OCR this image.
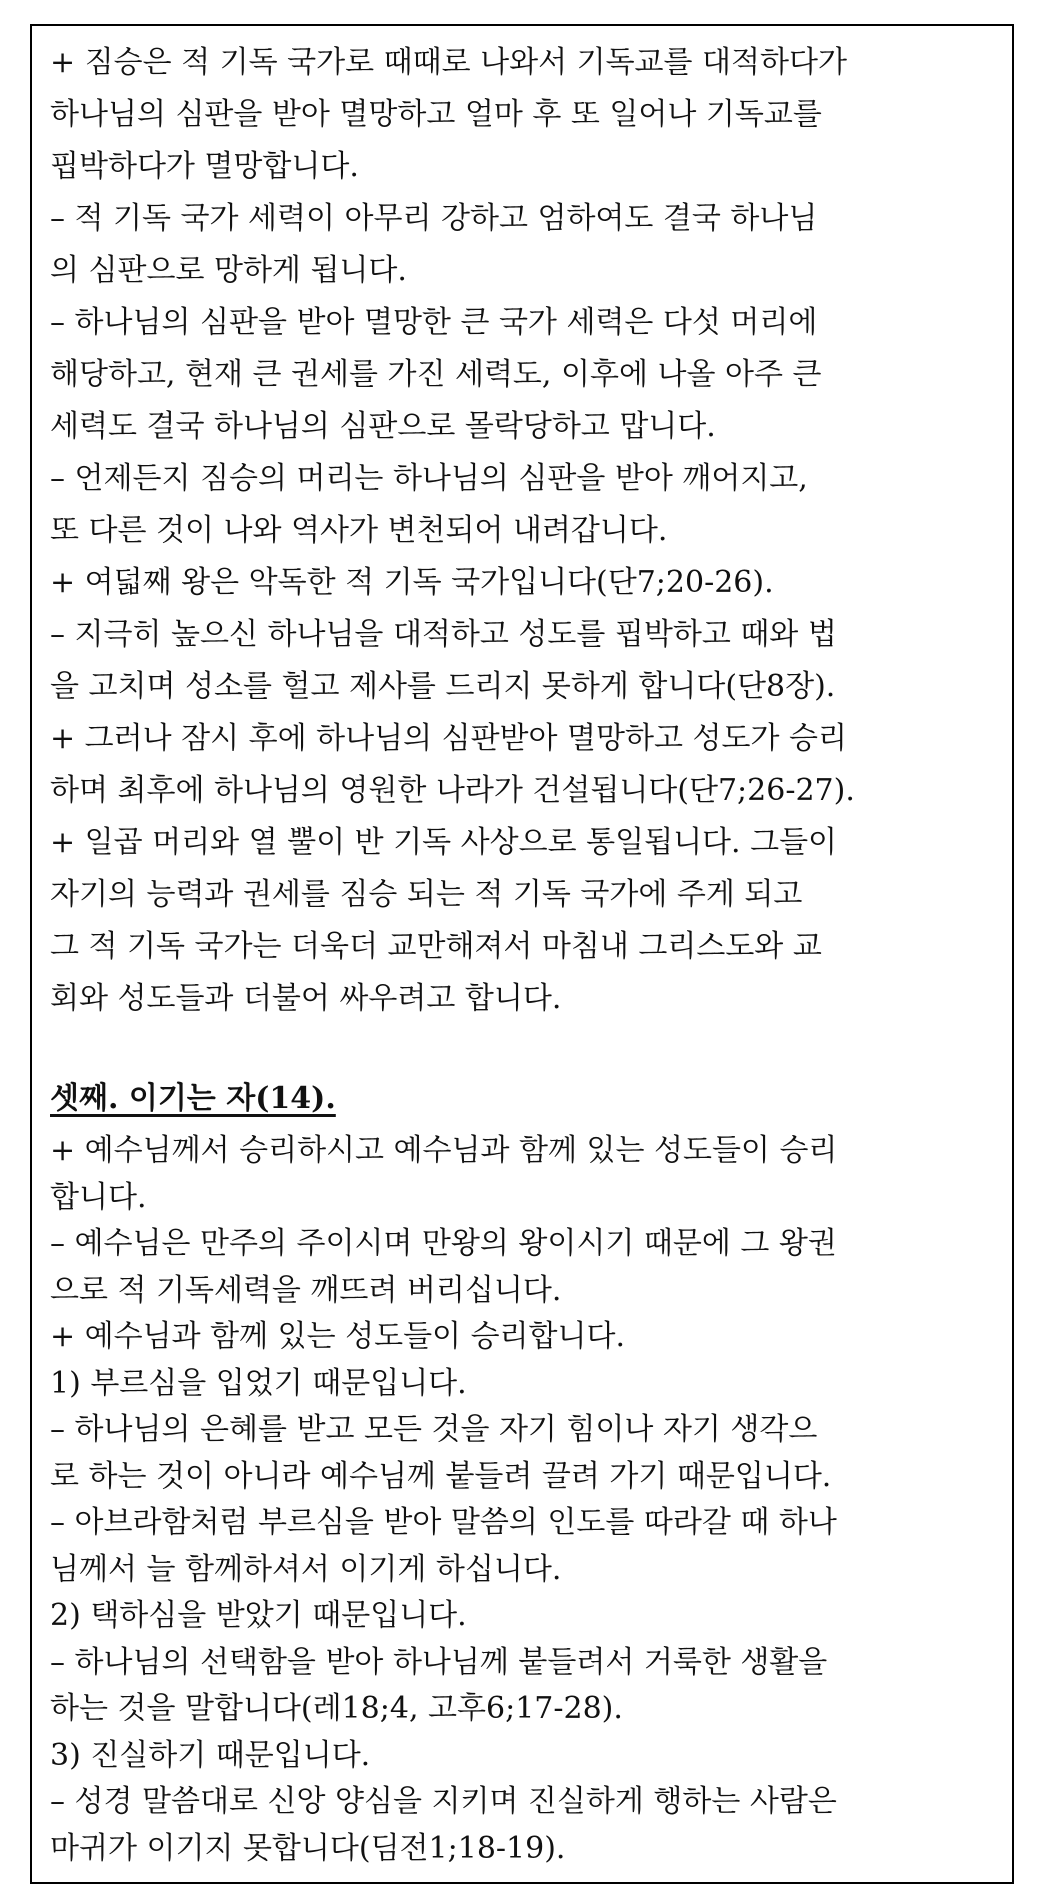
+ 짐승은 적 기독 국가로 때때로 나와서 기독교를 대적하다가
하나님의 심판을 받아 멸망하고 얼마 후 또 일어나 기독교를
핍박하다가 멸망합니다.
– 적 기독 국가 세력이 아무리 강하고 엄하여도 결국 하나님
의 심판으로 망하게 됩니다.
– 하나님의 심판을 받아 멸망한 큰 국가 세력은 다섯 머리에
해당하고, 현재 큰 권세를 가진 세력도, 이후에 나올 아주 큰
세력도 결국 하나님의 심판으로 몰락당하고 맙니다.
– 언제든지 짐승의 머리는 하나님의 심판을 받아 깨어지고,
또 다른 것이 나와 역사가 변천되어 내려갑니다.
+ 여덟째 왕은 악독한 적 기독 국가입니다(단7;20-26).
– 지극히 높으신 하나님을 대적하고 성도를 핍박하고 때와 법
을 고치며 성소를 헐고 제사를 드리지 못하게 합니다(단8장).
+ 그러나 잠시 후에 하나님의 심판받아 멸망하고 성도가 승리
하며 최후에 하나님의 영원한 나라가 건설됩니다(단7;26-27).
+ 일곱 머리와 열 뿔이 반 기독 사상으로 통일됩니다. 그들이
자기의 능력과 권세를 짐승 되는 적 기독 국가에 주게 되고
그 적 기독 국가는 더욱더 교만해져서 마침내 그리스도와 교
회와 성도들과 더불어 싸우려고 합니다.
셋째. 이기는 자(14).
+ 예수님께서 승리하시고 예수님과 함께 있는 성도들이 승리
합니다.
– 예수님은 만주의 주이시며 만왕의 왕이시기 때문에 그 왕권
으로 적 기독세력을 깨뜨려 버리십니다.
+ 예수님과 함께 있는 성도들이 승리합니다.
1) 부르심을 입었기 때문입니다.
– 하나님의 은혜를 받고 모든 것을 자기 힘이나 자기 생각으
로 하는 것이 아니라 예수님께 붙들려 끌려 가기 때문입니다.
– 아브라함처럼 부르심을 받아 말씀의 인도를 따라갈 때 하나
님께서 늘 함께하셔서 이기게 하십니다.
2) 택하심을 받았기 때문입니다.
– 하나님의 선택함을 받아 하나님께 붙들려서 거룩한 생활을
하는 것을 말합니다(레18;4, 고후6;17-28).
3) 진실하기 때문입니다.
– 성경 말씀대로 신앙 양심을 지키며 진실하게 행하는 사람은
마귀가 이기지 못합니다(딤전1;18-19).
